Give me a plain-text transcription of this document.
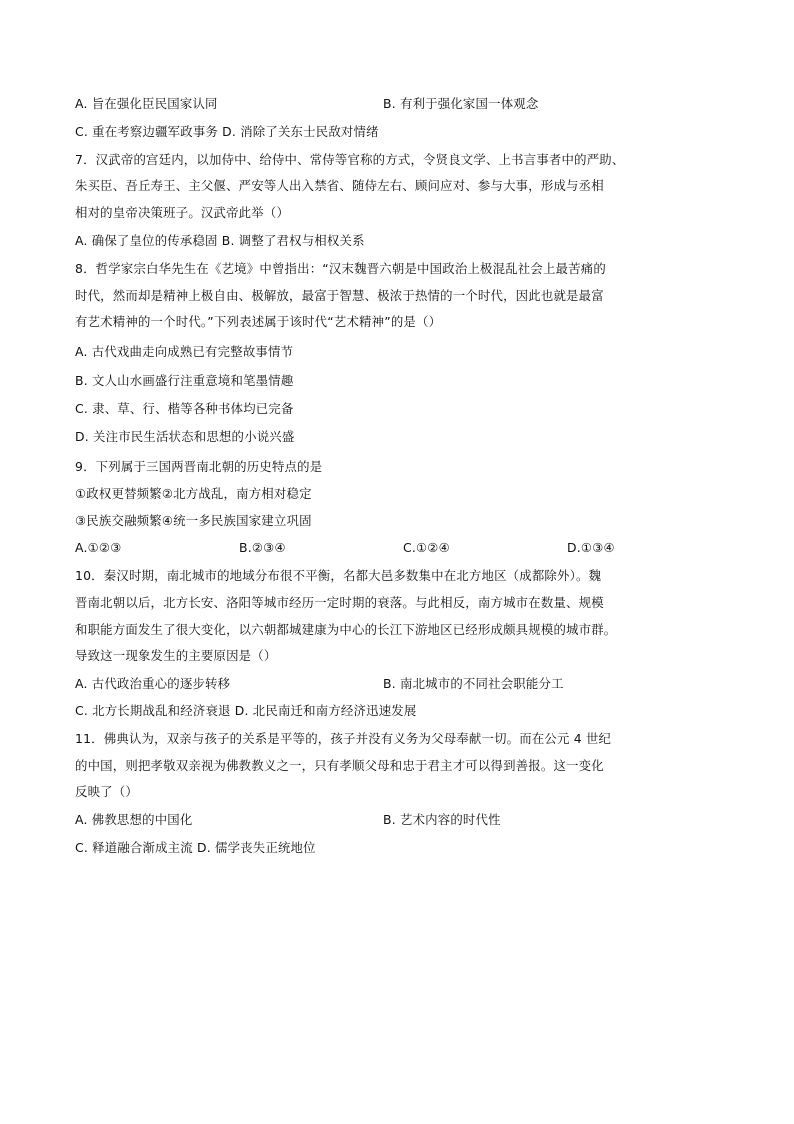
A. 旨在强化臣民国家认同	B. 有利于强化家国一体观念
C. 重在考察边疆军政事务 D. 消除了关东士民敌对情绪
7．汉武帝的宫廷内，以加侍中、给侍中、常侍等官称的方式，令贤良文学、上书言事者中的严助、
朱买臣、吾丘寿王、主父偃、严安等人出入禁省、随侍左右、顾问应对、参与大事，形成与丞相
相对的皇帝决策班子。汉武帝此举（）
A. 确保了皇位的传承稳固 B. 调整了君权与相权关系
8．哲学家宗白华先生在《艺境》中曾指出：“汉末魏晋六朝是中国政治上极混乱社会上最苦痛的
时代，然而却是精神上极自由、极解放，最富于智慧、极浓于热情的一个时代，因此也就是最富
有艺术精神的一个时代。”下列表述属于该时代“艺术精神”的是（）
A. 古代戏曲走向成熟已有完整故事情节
B. 文人山水画盛行注重意境和笔墨情趣
C. 隶、草、行、楷等各种书体均已完备
D. 关注市民生活状态和思想的小说兴盛
9．下列属于三国两晋南北朝的历史特点的是
①政权更替频繁②北方战乱，南方相对稳定
③民族交融频繁④统一多民族国家建立巩固
A.①②③	B.②③④	C.①②④	D.①③④
10．秦汉时期，南北城市的地域分布很不平衡，名都大邑多数集中在北方地区（成都除外）。魏
晋南北朝以后，北方长安、洛阳等城市经历一定时期的衰落。与此相反，南方城市在数量、规模
和职能方面发生了很大变化，以六朝都城建康为中心的长江下游地区已经形成颇具规模的城市群。
导致这一现象发生的主要原因是（）
A. 古代政治重心的逐步转移	B. 南北城市的不同社会职能分工
C. 北方长期战乱和经济衰退 D. 北民南迁和南方经济迅速发展
11．佛典认为，双亲与孩子的关系是平等的，孩子并没有义务为父母奉献一切。而在公元 4 世纪
的中国，则把孝敬双亲视为佛教教义之一，只有孝顺父母和忠于君主才可以得到善报。这一变化
反映了（）
A. 佛教思想的中国化	B. 艺术内容的时代性
C. 释道融合渐成主流 D. 儒学丧失正统地位
